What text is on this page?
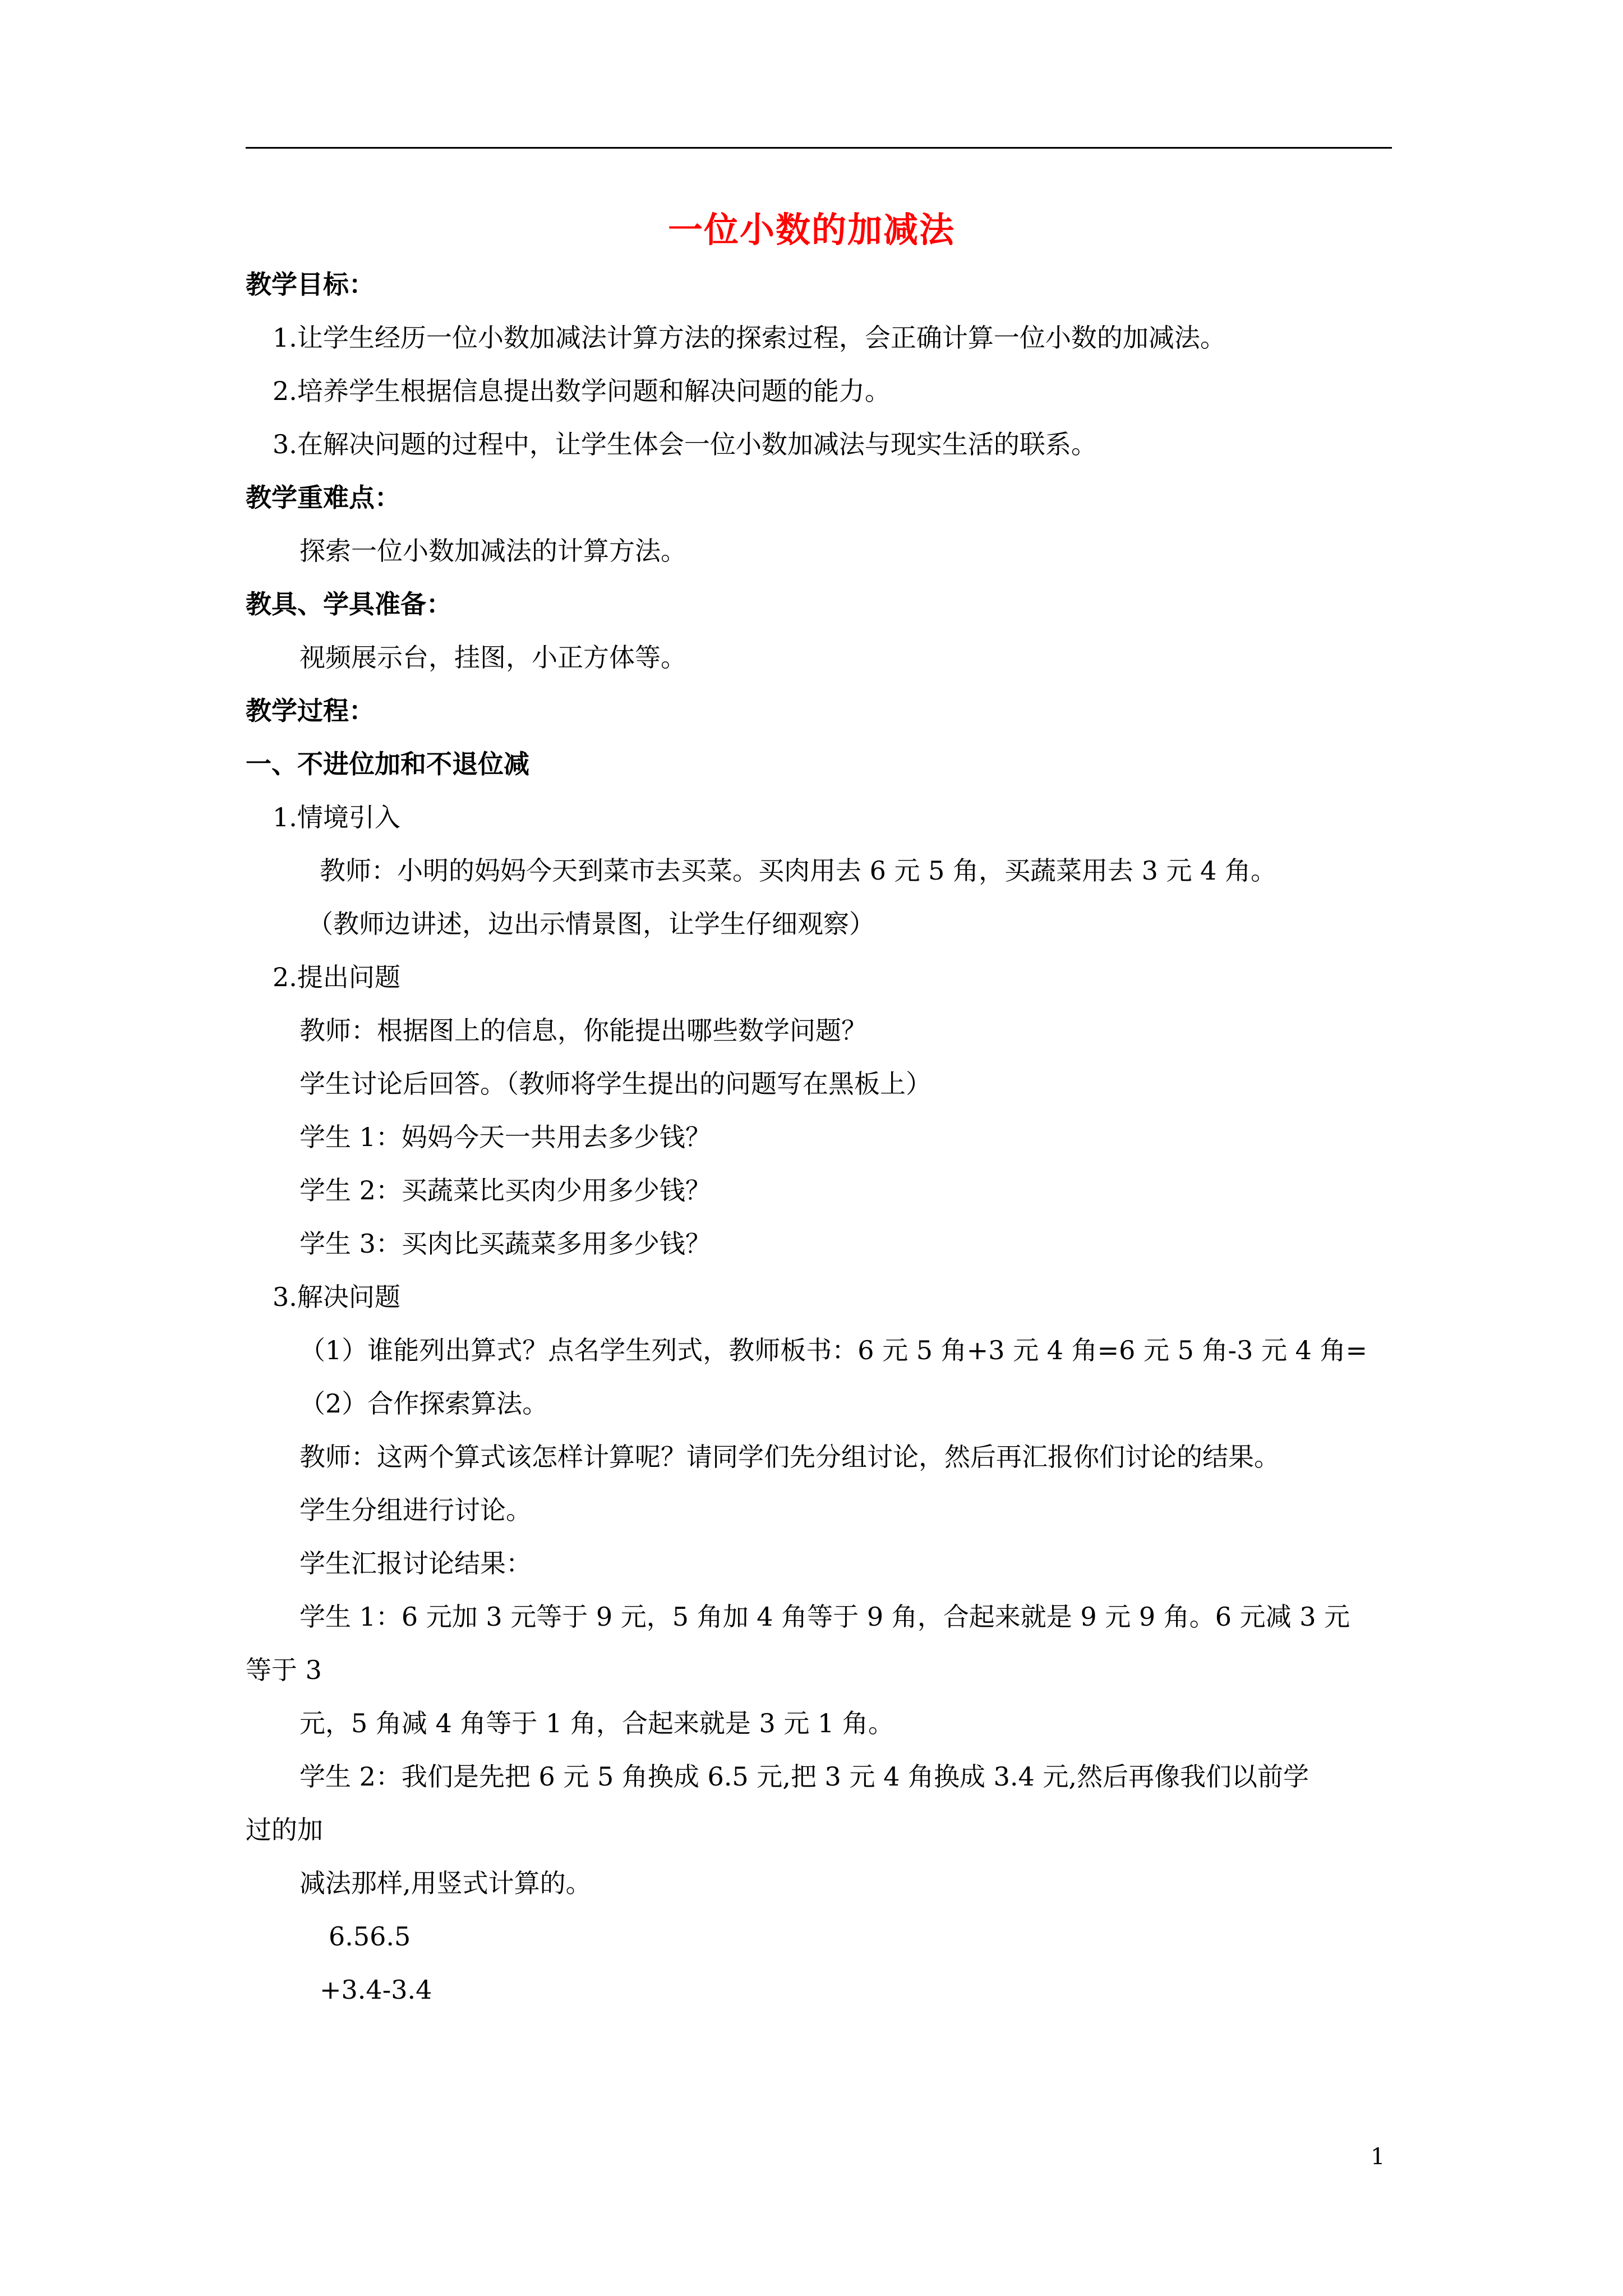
一位小数的加减法
教学目标：
1.让学生经历一位小数加减法计算方法的探索过程，会正确计算一位小数的加减法。
2.培养学生根据信息提出数学问题和解决问题的能力。
3.在解决问题的过程中，让学生体会一位小数加减法与现实生活的联系。
教学重难点：
探索一位小数加减法的计算方法。
教具、学具准备：
视频展示台，挂图，小正方体等。
教学过程：
一、不进位加和不退位减
1.情境引入
教师：小明的妈妈今天到菜市去买菜。买肉用去 6 元 5 角，买蔬菜用去 3 元 4 角。
（教师边讲述，边出示情景图，让学生仔细观察）
2.提出问题
教师：根据图上的信息，你能提出哪些数学问题？
学生讨论后回答。（教师将学生提出的问题写在黑板上）
学生 1：妈妈今天一共用去多少钱？
学生 2：买蔬菜比买肉少用多少钱？
学生 3：买肉比买蔬菜多用多少钱？
3.解决问题
（1）谁能列出算式？点名学生列式，教师板书：6 元 5 角+3 元 4 角=6 元 5 角-3 元 4 角=
（2）合作探索算法。
教师：这两个算式该怎样计算呢？请同学们先分组讨论，然后再汇报你们讨论的结果。
学生分组进行讨论。
学生汇报讨论结果：
学生 1：6 元加 3 元等于 9 元，5 角加 4 角等于 9 角，合起来就是 9 元 9 角。6 元减 3 元
等于 3
元，5 角减 4 角等于 1 角，合起来就是 3 元 1 角。
学生 2：我们是先把 6 元 5 角换成 6.5 元,把 3 元 4 角换成 3.4 元,然后再像我们以前学
过的加
减法那样,用竖式计算的。
6.56.5
+3.4-3.4
1
